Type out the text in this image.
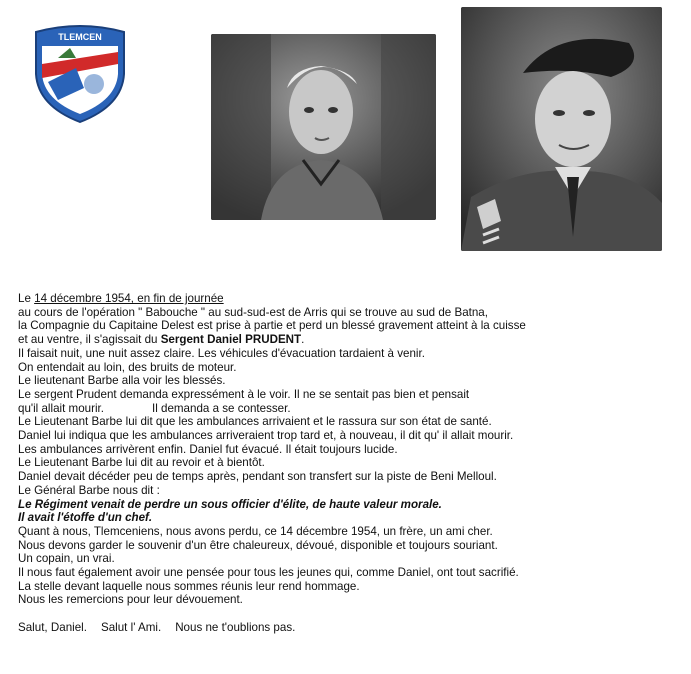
TLEMCEN

Le 14 décembre 1954, en fin de journée

au cours de l'opération " Babouche " au sud-sud-est de Arris qui se trouve au sud de Batna,

la Compagnie du Capitaine Delest est prise à partie et perd un blessé gravement atteint à la cuisse

et au ventre, il s'agissait du Sergent Daniel PRUDENT.

Il faisait nuit, une nuit assez claire. Les véhicules d'évacuation tardaient à venir.

On entendait au loin, des bruits de moteur.

Le lieutenant Barbe alla voir les blessés.

Le sergent Prudent demanda expressément à le voir. Il ne se sentait pas bien et pensait

qu'il allait mourir.	Il demanda a se contesser.

Le Lieutenant Barbe lui dit que les ambulances arrivaient et le rassura sur son état de santé.

Daniel lui indiqua que les ambulances arriveraient trop tard et, à nouveau, il dit qu' il allait mourir.

Les ambulances arrivèrent enfin. Daniel fut évacué. Il était toujours lucide.

Le Lieutenant Barbe lui dit au revoir et à bientôt.

Daniel devait décéder peu de temps après, pendant son transfert sur la piste de Beni Melloul.

Le Général Barbe nous dit :

Le Régiment venait de perdre un sous officier d'élite, de haute valeur morale.

Il avait l'étoffe d'un chef.

Quant à nous, Tlemceniens, nous avons perdu, ce 14 décembre 1954, un frère, un ami cher.

Nous devons garder le souvenir d'un être chaleureux, dévoué, disponible et toujours souriant.

Un copain, un vrai.

Il nous faut également avoir une pensée pour tous les jeunes qui, comme Daniel, ont tout sacrifié.

La stelle devant laquelle nous sommes réunis leur rend hommage.

Nous les remercions pour leur dévouement.

Salut, Daniel. Salut l' Ami. Nous ne t'oublions pas.
